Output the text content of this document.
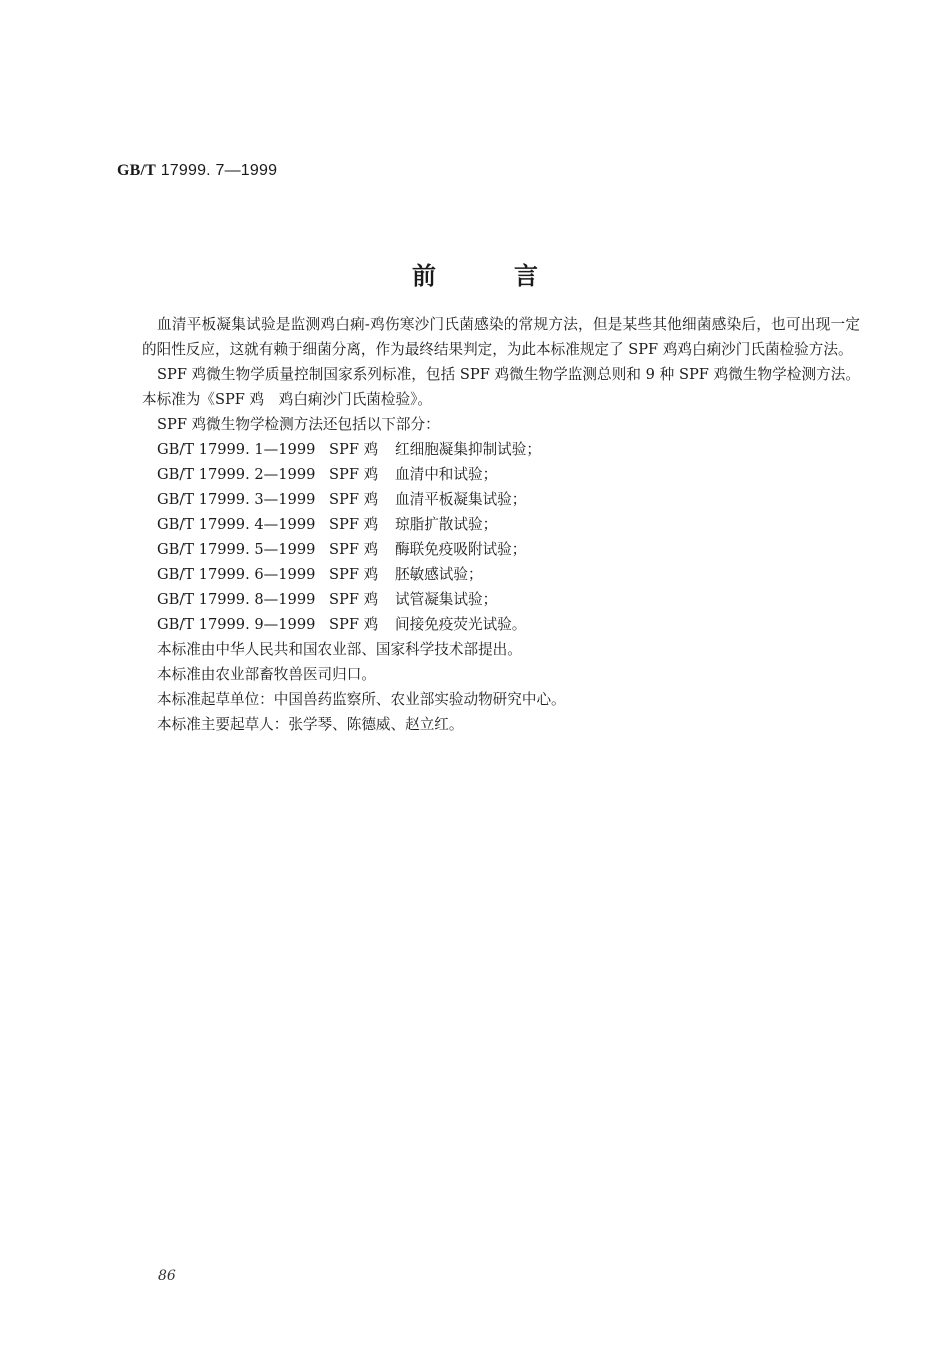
GB/T 17999. 7—1999
前言

血清平板凝集试验是监测鸡白痢-鸡伤寒沙门氏菌感染的常规方法，但是某些其他细菌感染后，也可出现一定的阳性反应，这就有赖于细菌分离，作为最终结果判定，为此本标准规定了 SPF 鸡鸡白痢沙门氏菌检验方法。

SPF 鸡微生物学质量控制国家系列标准，包括 SPF 鸡微生物学监测总则和 9 种 SPF 鸡微生物学检测方法。本标准为《SPF 鸡　鸡白痢沙门氏菌检验》。

SPF 鸡微生物学检测方法还包括以下部分：

GB/T 17999. 1—1999 SPF 鸡	红细胞凝集抑制试验；
GB/T 17999. 2—1999 SPF 鸡	血清中和试验；
GB/T 17999. 3—1999 SPF 鸡	血清平板凝集试验；
GB/T 17999. 4—1999 SPF 鸡	琼脂扩散试验；
GB/T 17999. 5—1999 SPF 鸡	酶联免疫吸附试验；
GB/T 17999. 6—1999 SPF 鸡	胚敏感试验；
GB/T 17999. 8—1999 SPF 鸡	试管凝集试验；
GB/T 17999. 9—1999 SPF 鸡	间接免疫荧光试验。

本标准由中华人民共和国农业部、国家科学技术部提出。

本标准由农业部畜牧兽医司归口。

本标准起草单位：中国兽药监察所、农业部实验动物研究中心。

本标准主要起草人：张学琴、陈德威、赵立红。

86
